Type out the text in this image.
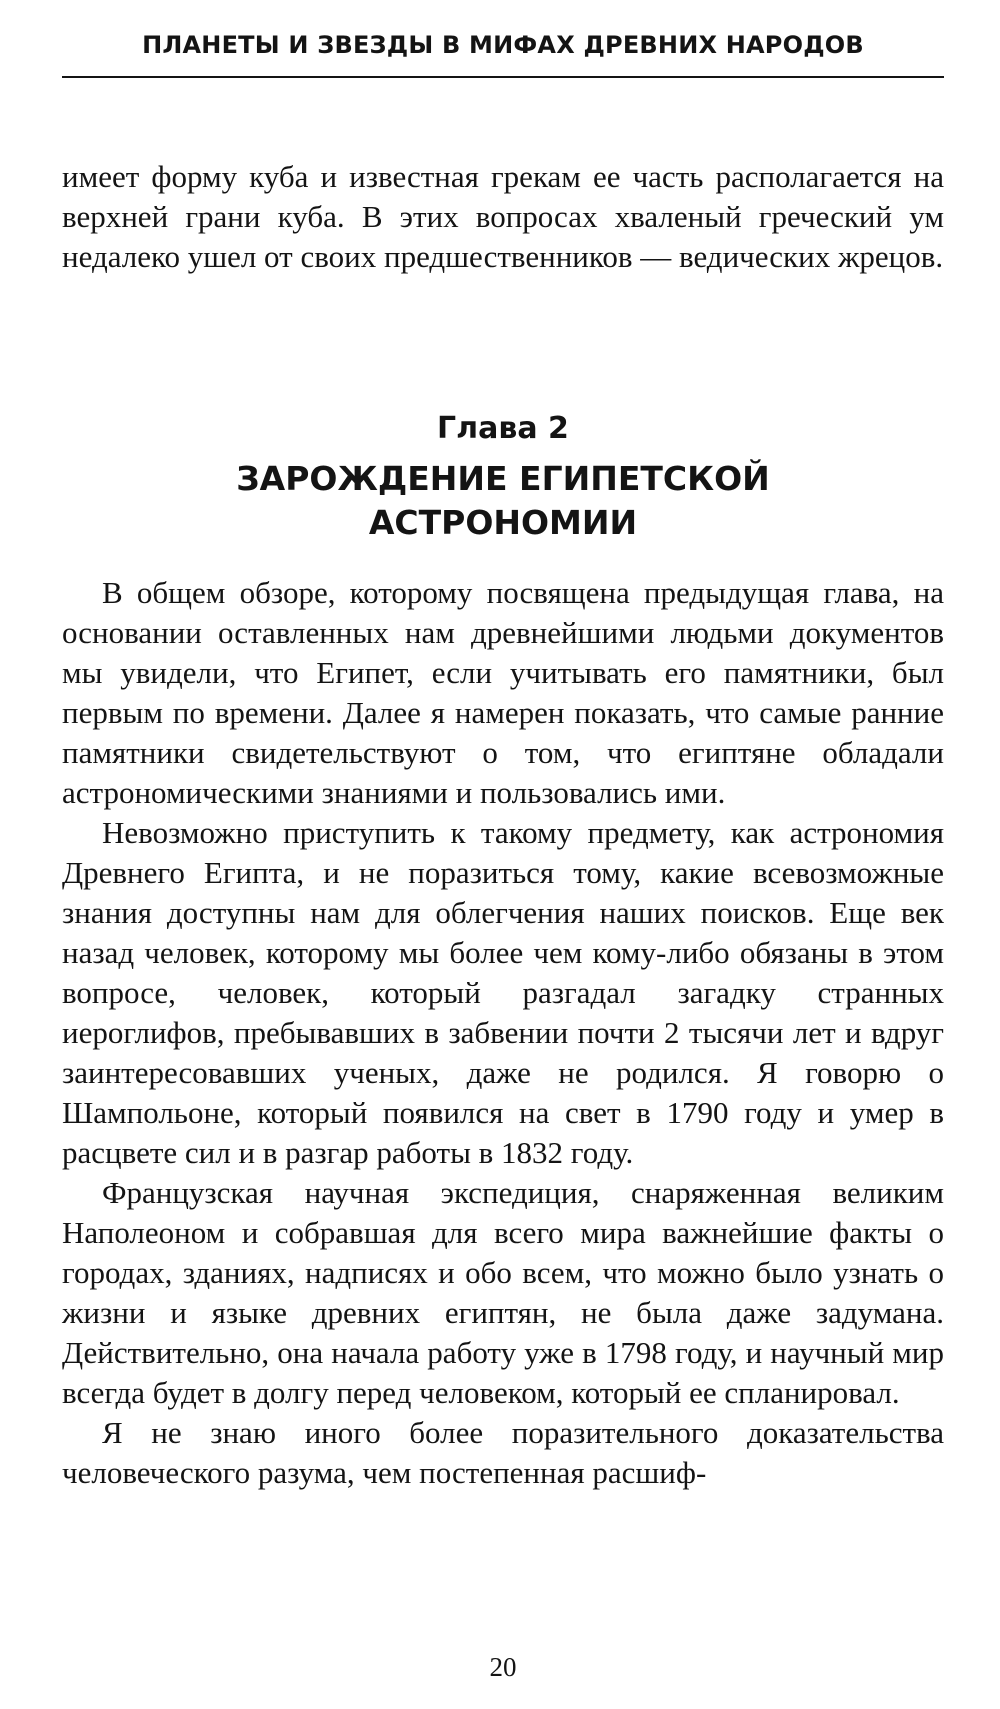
ПЛАНЕТЫ И ЗВЕЗДЫ В МИФАХ ДРЕВНИХ НАРОДОВ

имеет форму куба и известная грекам ее часть располагается на верхней грани куба. В этих вопросах хваленый греческий ум недалеко ушел от своих предшественников — ведических жрецов.

Глава 2
ЗАРОЖДЕНИЕ ЕГИПЕТСКОЙ
АСТРОНОМИИ

В общем обзоре, которому посвящена предыдущая глава, на основании оставленных нам древнейшими людьми документов мы увидели, что Египет, если учитывать его памятники, был первым по времени. Далее я намерен показать, что самые ранние памятники свидетельствуют о том, что египтяне обладали астрономическими знаниями и пользовались ими.

Невозможно приступить к такому предмету, как астрономия Древнего Египта, и не поразиться тому, какие всевозможные знания доступны нам для облегчения наших поисков. Еще век назад человек, которому мы более чем кому-либо обязаны в этом вопросе, человек, который разгадал загадку странных иероглифов, пребывавших в забвении почти 2 тысячи лет и вдруг заинтересовавших ученых, даже не родился. Я говорю о Шампольоне, который появился на свет в 1790 году и умер в расцвете сил и в разгар работы в 1832 году.

Французская научная экспедиция, снаряженная великим Наполеоном и собравшая для всего мира важнейшие факты о городах, зданиях, надписях и обо всем, что можно было узнать о жизни и языке древних египтян, не была даже задумана. Действительно, она начала работу уже в 1798 году, и научный мир всегда будет в долгу перед человеком, который ее спланировал.

Я не знаю иного более поразительного доказательства человеческого разума, чем постепенная расшиф-

20
